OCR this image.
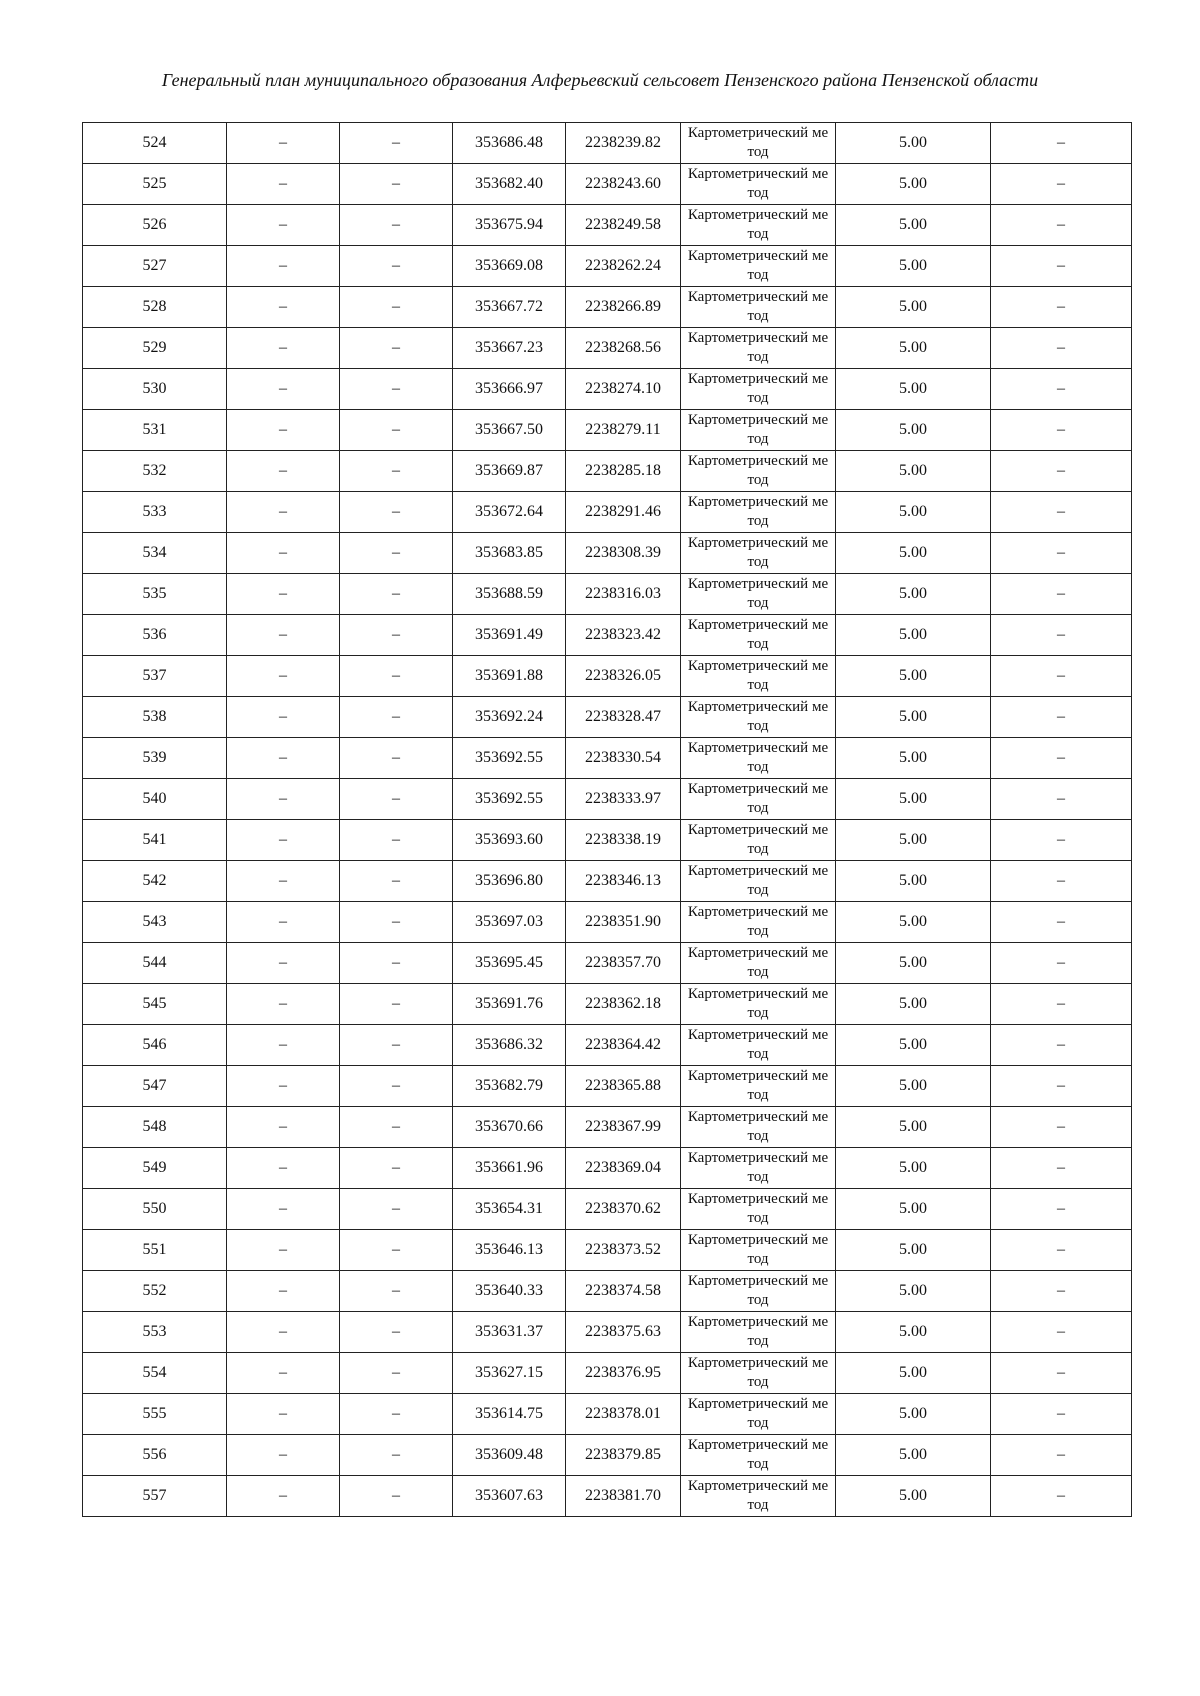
Генеральный план муниципального образования Алферьевский сельсовет Пензенского района Пензенской области
524	–	–	353686.48	2238239.82	Картометрический метод	5.00	–
525	–	–	353682.40	2238243.60	Картометрический метод	5.00	–
526	–	–	353675.94	2238249.58	Картометрический метод	5.00	–
527	–	–	353669.08	2238262.24	Картометрический метод	5.00	–
528	–	–	353667.72	2238266.89	Картометрический метод	5.00	–
529	–	–	353667.23	2238268.56	Картометрический метод	5.00	–
530	–	–	353666.97	2238274.10	Картометрический метод	5.00	–
531	–	–	353667.50	2238279.11	Картометрический метод	5.00	–
532	–	–	353669.87	2238285.18	Картометрический метод	5.00	–
533	–	–	353672.64	2238291.46	Картометрический метод	5.00	–
534	–	–	353683.85	2238308.39	Картометрический метод	5.00	–
535	–	–	353688.59	2238316.03	Картометрический метод	5.00	–
536	–	–	353691.49	2238323.42	Картометрический метод	5.00	–
537	–	–	353691.88	2238326.05	Картометрический метод	5.00	–
538	–	–	353692.24	2238328.47	Картометрический метод	5.00	–
539	–	–	353692.55	2238330.54	Картометрический метод	5.00	–
540	–	–	353692.55	2238333.97	Картометрический метод	5.00	–
541	–	–	353693.60	2238338.19	Картометрический метод	5.00	–
542	–	–	353696.80	2238346.13	Картометрический метод	5.00	–
543	–	–	353697.03	2238351.90	Картометрический метод	5.00	–
544	–	–	353695.45	2238357.70	Картометрический метод	5.00	–
545	–	–	353691.76	2238362.18	Картометрический метод	5.00	–
546	–	–	353686.32	2238364.42	Картометрический метод	5.00	–
547	–	–	353682.79	2238365.88	Картометрический метод	5.00	–
548	–	–	353670.66	2238367.99	Картометрический метод	5.00	–
549	–	–	353661.96	2238369.04	Картометрический метод	5.00	–
550	–	–	353654.31	2238370.62	Картометрический метод	5.00	–
551	–	–	353646.13	2238373.52	Картометрический метод	5.00	–
552	–	–	353640.33	2238374.58	Картометрический метод	5.00	–
553	–	–	353631.37	2238375.63	Картометрический метод	5.00	–
554	–	–	353627.15	2238376.95	Картометрический метод	5.00	–
555	–	–	353614.75	2238378.01	Картометрический метод	5.00	–
556	–	–	353609.48	2238379.85	Картометрический метод	5.00	–
557	–	–	353607.63	2238381.70	Картометрический метод	5.00	–
